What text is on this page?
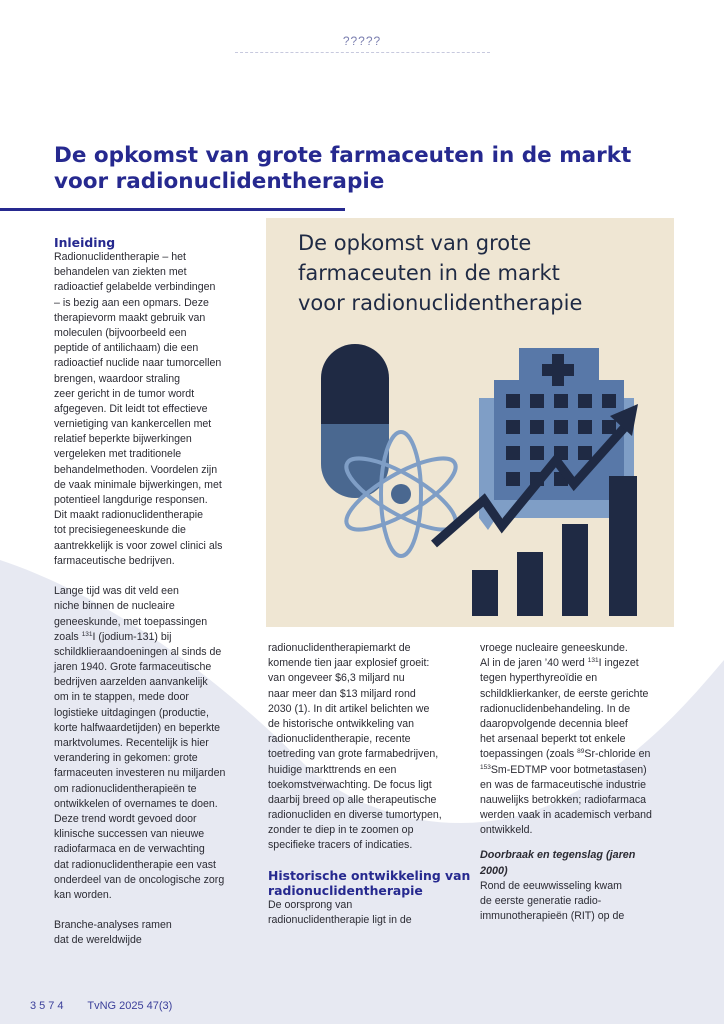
?????
De opkomst van grote farmaceuten in de markt
voor radionuclidentherapie
Inleiding
Radionuclidentherapie – het
behandelen van ziekten met
radioactief gelabelde verbindingen
– is bezig aan een opmars. Deze
therapievorm maakt gebruik van
moleculen (bijvoorbeeld een
peptide of antilichaam) die een
radioactief nuclide naar tumorcellen
brengen, waardoor straling
zeer gericht in de tumor wordt
afgegeven. Dit leidt tot effectieve
vernietiging van kankercellen met
relatief beperkte bijwerkingen
vergeleken met traditionele
behandelmethoden. Voordelen zijn
de vaak minimale bijwerkingen, met
potentieel langdurige responsen.
Dit maakt radionuclidentherapie
tot precisiegeneeskunde die
aantrekkelijk is voor zowel clinici als
farmaceutische bedrijven.
Lange tijd was dit veld een
niche binnen de nucleaire
geneeskunde, met toepassingen
zoals $^{131}$I (jodium-131) bij
schildklieraandoeningen al sinds de
jaren 1940. Grote farmaceutische
bedrijven aarzelden aanvankelijk
om in te stappen, mede door
logistieke uitdagingen (productie,
korte halfwaardetijden) en beperkte
marktvolumes. Recentelijk is hier
verandering in gekomen: grote
farmaceuten investeren nu miljarden
om radionuclidentherapieën te
ontwikkelen of overnames te doen.
Deze trend wordt gevoed door
klinische successen van nieuwe
radiofarmaca en de verwachting
dat radionuclidentherapie een vast
onderdeel van de oncologische zorg
kan worden.
Branche-analyses ramen
dat de wereldwijde
De opkomst van grote
farmaceuten in de markt
voor radionuclidentherapie
radionuclidentherapiemarkt de
komende tien jaar explosief groeit:
van ongeveer $6,3 miljard nu
naar meer dan $13 miljard rond
2030 (1). In dit artikel belichten we
de historische ontwikkeling van
radionuclidentherapie, recente
toetreding van grote farmabedrijven,
huidige markttrends en een
toekomstverwachting. De focus ligt
daarbij breed op alle therapeutische
radionucliden en diverse tumortypen,
zonder te diep in te zoomen op
specifieke tracers of indicaties.
Historische ontwikkeling van
radionuclidentherapie
De oorsprong van
radionuclidentherapie ligt in de
vroege nucleaire geneeskunde.
Al in de jaren ’40 werd $^{131}$I ingezet
tegen hyperthyreoïdie en
schildklierkanker, de eerste gerichte
radionuclidenbehandeling. In de
daaropvolgende decennia bleef
het arsenaal beperkt tot enkele
toepassingen (zoals $^{89}$Sr-chloride en
$^{153}$Sm-EDTMP voor botmetastasen)
en was de farmaceutische industrie
nauwelijks betrokken; radiofarmaca
werden vaak in academisch verband
ontwikkeld.
Doorbraak en tegenslag (jaren
2000)
Rond de eeuwwisseling kwam
de eerste generatie radio-
immunotherapieën (RIT) op de
3574 TvNG 2025 47(3)
